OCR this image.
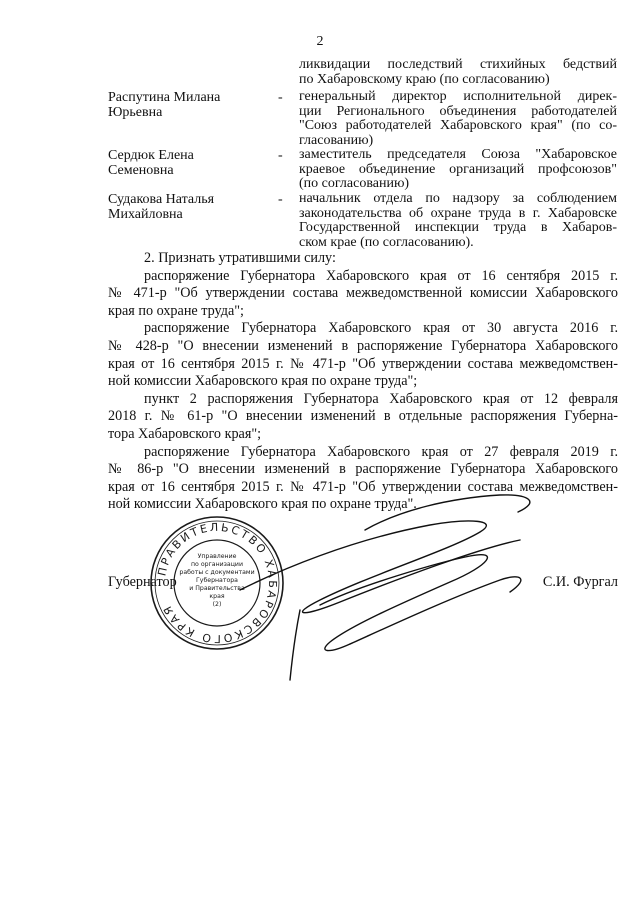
2
ликвидации последствий стихийных бедствий
по Хабаровскому краю (по согласованию)
Распутина Милана
Юрьевна
- генеральный директор исполнительной дирек-
ции Регионального объединения работодателей
"Союз работодателей Хабаровского края" (по со-
гласованию)
Сердюк Елена
Семеновна
- заместитель председателя Союза "Хабаровское
краевое объединение организаций профсоюзов"
(по согласованию)
Судакова Наталья
Михайловна
- начальник отдела по надзору за соблюдением
законодательства об охране труда в г. Хабаровске
Государственной инспекции труда в Хабаров-
ском крае (по согласованию).

2. Признать утратившими силу:

распоряжение Губернатора Хабаровского края от 16 сентября 2015 г.
№ 471-р "Об утверждении состава межведомственной комиссии Хабаровского
края по охране труда";

распоряжение Губернатора Хабаровского края от 30 августа 2016 г.
№ 428-р "О внесении изменений в распоряжение Губернатора Хабаровского
края от 16 сентября 2015 г. № 471-р "Об утверждении состава межведомствен-
ной комиссии Хабаровского края по охране труда";

пункт 2 распоряжения Губернатора Хабаровского края от 12 февраля
2018 г. № 61-р "О внесении изменений в отдельные распоряжения Губерна-
тора Хабаровского края";

распоряжение Губернатора Хабаровского края от 27 февраля 2019 г.
№ 86-р "О внесении изменений в распоряжение Губернатора Хабаровского
края от 16 сентября 2015 г. № 471-р "Об утверждении состава межведомствен-
ной комиссии Хабаровского края по охране труда".

Губернатор	С.И. Фургал
ПРАВИТЕЛЬСТВО ХАБАРОВСКОГО КРАЯ
Управление
по организации
работы с документами
Губернатора
и Правительства
края
(2)
